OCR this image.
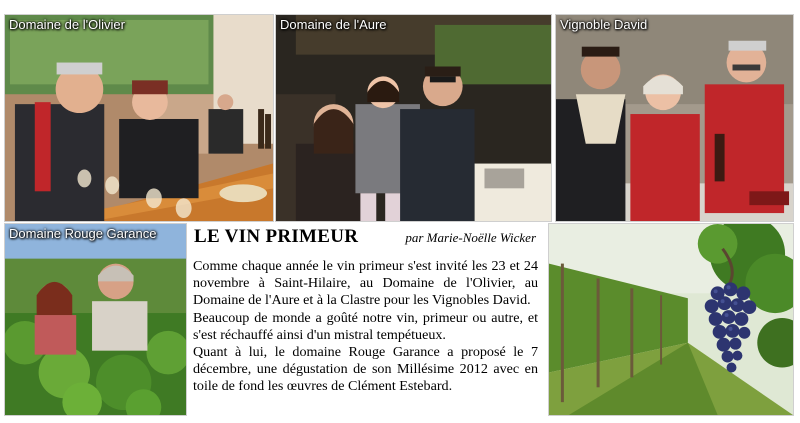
Domaine de l'Olivier	Domaine de l'Aure	Vignoble David
Domaine Rouge Garance LE VIN PRIMEUR	par Marie-Noëlle Wicker

Comme chaque année le vin primeur s'est invité les 23 et 24 novembre à Saint-Hilaire, au Domaine de l'Olivier, au Domaine de l'Aure et à la Clastre pour les Vignobles David.

Beaucoup de monde a goûté notre vin, primeur ou autre, et s'est réchauffé ainsi d'un mistral tempétueux.

Quant à lui, le domaine Rouge Garance a proposé le 7 décembre, une dégustation de son Millésime 2012 avec en toile de fond les œuvres de Clément Estebard.
